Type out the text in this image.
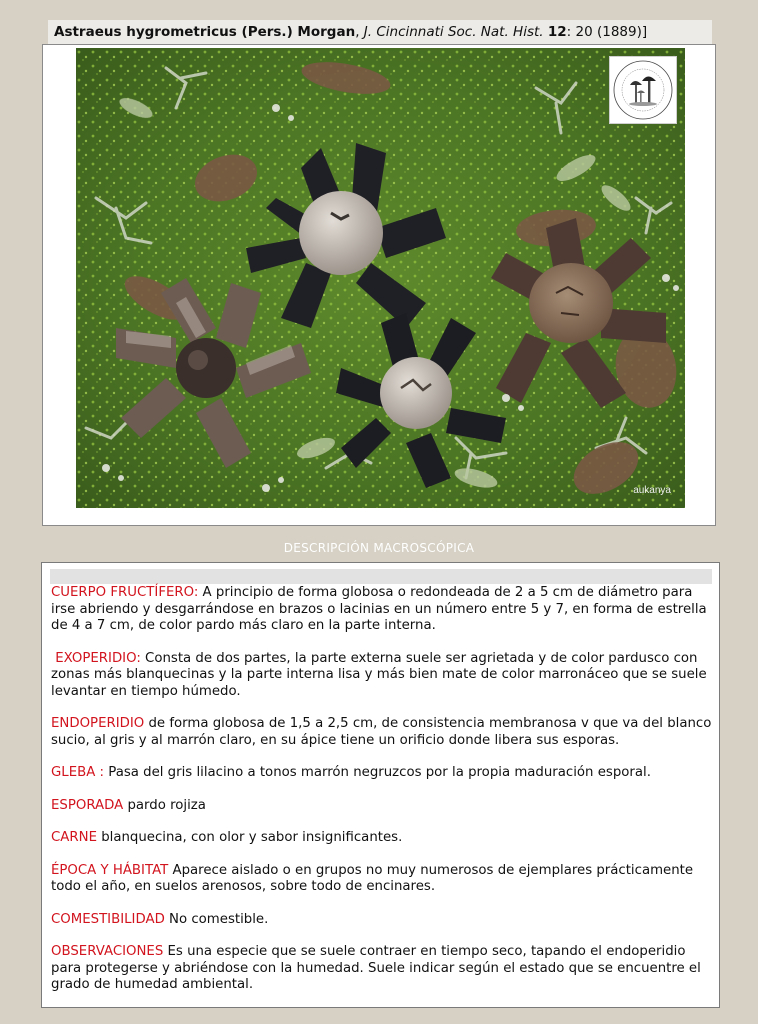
Astraeus hygrometricus (Pers.) Morgan, J. Cincinnati Soc. Nat. Hist. 12: 20 (1889)]
aukanya
DESCRIPCIÓN MACROSCÓPICA

CUERPO FRUCTÍFERO: A principio de forma globosa o redondeada de 2 a 5 cm de diámetro para irse abriendo y desgarrándose en brazos o lacinias en un número entre 5 y 7, en forma de estrella de 4 a 7 cm, de color pardo más claro en la parte interna.

EXOPERIDIO: Consta de dos partes, la parte externa suele ser agrietada y de color pardusco con zonas más blanquecinas y la parte interna lisa y más bien mate de color marronáceo que se suele levantar en tiempo húmedo.

ENDOPERIDIO de forma globosa de 1,5 a 2,5 cm, de consistencia membranosa v que va del blanco sucio, al gris y al marrón claro, en su ápice tiene un orificio donde libera sus esporas.

GLEBA : Pasa del gris lilacino a tonos marrón negruzcos por la propia maduración esporal.

ESPORADA pardo rojiza

CARNE blanquecina, con olor y sabor insignificantes.

ÉPOCA Y HÁBITAT Aparece aislado o en grupos no muy numerosos de ejemplares prácticamente todo el año, en suelos arenosos, sobre todo de encinares.

COMESTIBILIDAD No comestible.

OBSERVACIONES Es una especie que se suele contraer en tiempo seco, tapando el endoperidio para protegerse y abriéndose con la humedad. Suele indicar según el estado que se encuentre el grado de humedad ambiental.
